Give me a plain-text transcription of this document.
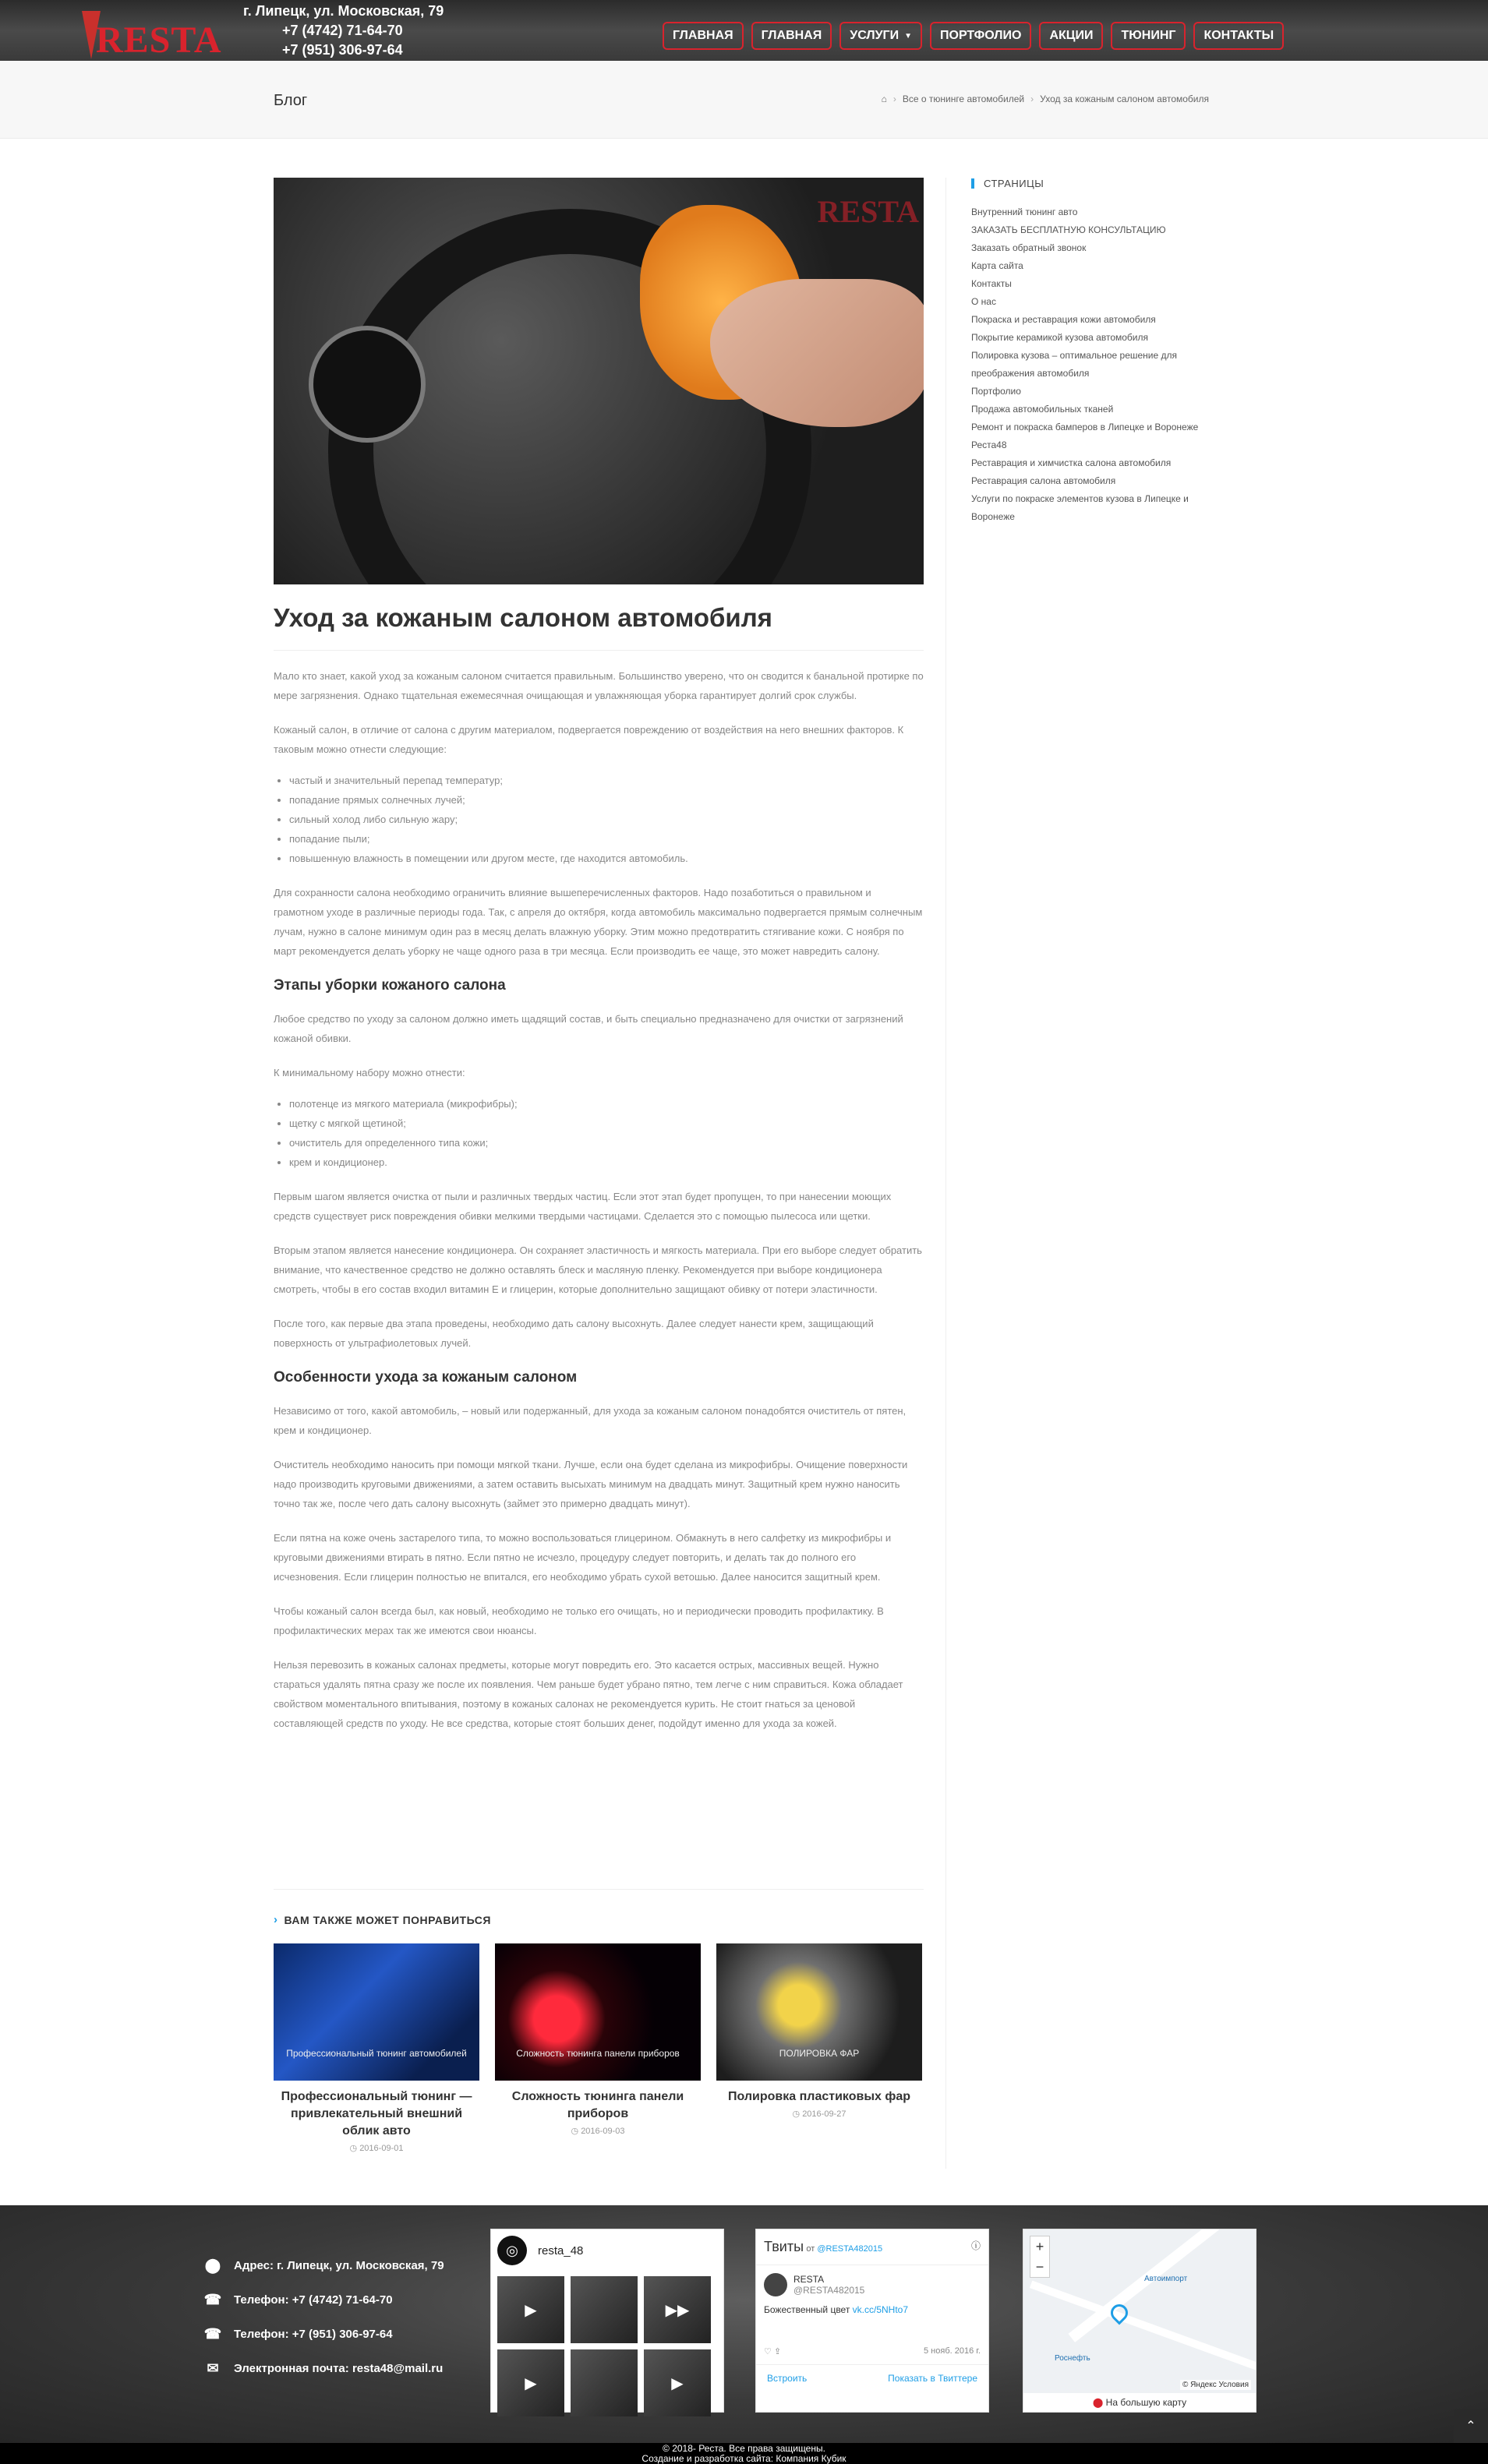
RESTA
г. Липецк, ул. Московская, 79
+7 (4742) 71-64-70
+7 (951) 306-97-64
ГЛАВНАЯ ГЛАВНАЯ УСЛУГИ ▼ ПОРТФОЛИО АКЦИИ ТЮНИНГ КОНТАКТЫ
Блог	⌂ › Все о тюнинге автомобилей › Уход за кожаным салоном автомобиля
RESTA
Уход за кожаным салоном автомобиля

Мало кто знает, какой уход за кожаным салоном считается правильным. Большинство уверено, что он сводится к банальной протирке по мере загрязнения. Однако тщательная ежемесячная очищающая и увлажняющая уборка гарантирует долгий срок службы.

Кожаный салон, в отличие от салона с другим материалом, подвергается повреждению от воздействия на него внешних факторов. К таковым можно отнести следующие:

• частый и значительный перепад температур;
• попадание прямых солнечных лучей;
• сильный холод либо сильную жару;
• попадание пыли;
• повышенную влажность в помещении или другом месте, где находится автомобиль.

Для сохранности салона необходимо ограничить влияние вышеперечисленных факторов. Надо позаботиться о правильном и грамотном уходе в различные периоды года. Так, с апреля до октября, когда автомобиль максимально подвергается прямым солнечным лучам, нужно в салоне минимум один раз в месяц делать влажную уборку. Этим можно предотвратить стягивание кожи. С ноября по март рекомендуется делать уборку не чаще одного раза в три месяца. Если производить ее чаще, это может навредить салону.

Этапы уборки кожаного салона

Любое средство по уходу за салоном должно иметь щадящий состав, и быть специально предназначено для очистки от загрязнений кожаной обивки.

К минимальному набору можно отнести:

• полотенце из мягкого материала (микрофибры);
• щетку с мягкой щетиной;
• очиститель для определенного типа кожи;
• крем и кондиционер.

Первым шагом является очистка от пыли и различных твердых частиц. Если этот этап будет пропущен, то при нанесении моющих средств существует риск повреждения обивки мелкими твердыми частицами. Сделается это с помощью пылесоса или щетки.

Вторым этапом является нанесение кондиционера. Он сохраняет эластичность и мягкость материала. При его выборе следует обратить внимание, что качественное средство не должно оставлять блеск и масляную пленку. Рекомендуется при выборе кондиционера смотреть, чтобы в его состав входил витамин Е и глицерин, которые дополнительно защищают обивку от потери эластичности.

После того, как первые два этапа проведены, необходимо дать салону высохнуть. Далее следует нанести крем, защищающий поверхность от ультрафиолетовых лучей.

Особенности ухода за кожаным салоном

Независимо от того, какой автомобиль, – новый или подержанный, для ухода за кожаным салоном понадобятся очиститель от пятен, крем и кондиционер.

Очиститель необходимо наносить при помощи мягкой ткани. Лучше, если она будет сделана из микрофибры. Очищение поверхности надо производить круговыми движениями, а затем оставить высыхать минимум на двадцать минут. Защитный крем нужно наносить точно так же, после чего дать салону высохнуть (займет это примерно двадцать минут).

Если пятна на коже очень застарелого типа, то можно воспользоваться глицерином. Обмакнуть в него салфетку из микрофибры и круговыми движениями втирать в пятно. Если пятно не исчезло, процедуру следует повторить, и делать так до полного его исчезновения. Если глицерин полностью не впитался, его необходимо убрать сухой ветошью. Далее наносится защитный крем.

Чтобы кожаный салон всегда был, как новый, необходимо не только его очищать, но и периодически проводить профилактику. В профилактических мерах так же имеются свои нюансы.

Нельзя перевозить в кожаных салонах предметы, которые могут повредить его. Это касается острых, массивных вещей. Нужно стараться удалять пятна сразу же после их появления. Чем раньше будет убрано пятно, тем легче с ним справиться. Кожа обладает свойством моментального впитывания, поэтому в кожаных салонах не рекомендуется курить. Не стоит гнаться за ценовой составляющей средств по уходу. Не все средства, которые стоят больших денег, подойдут именно для ухода за кожей.

› ВАМ ТАКЖЕ МОЖЕТ ПОНРАВИТЬСЯ
Профессиональный тюнинг автомобилей
Профессиональный тюнинг — привлекательный внешний облик авто
◷ 2016-09-01
Сложность тюнинга панели приборов
Сложность тюнинга панели приборов
◷ 2016-09-03
ПОЛИРОВКА ФАР
Полировка пластиковых фар
◷ 2016-09-27
СТРАНИЦЫ
Внутренний тюнинг авто
ЗАКАЗАТЬ БЕСПЛАТНУЮ КОНСУЛЬТАЦИЮ
Заказать обратный звонок
Карта сайта
Контакты
О нас
Покраска и реставрация кожи автомобиля
Покрытие керамикой кузова автомобиля
Полировка кузова – оптимальное решение для преображения автомобиля
Портфолио
Продажа автомобильных тканей
Ремонт и покраска бамперов в Липецке и Воронеже
Реста48
Реставрация и химчистка салона автомобиля
Реставрация салона автомобиля
Услуги по покраске элементов кузова в Липецке и Воронеже
⬤ Адрес: г. Липецк, ул. Московская, 79
☎ Телефон: +7 (4742) 71-64-70
☎ Телефон: +7 (951) 306-97-64
✉	Электронная почта: resta48@mail.ru
◎	resta_48
▶	▶▶
▶	▶
Твиты от @RESTA482015	ⓘ
RESTA
@RESTA482015
Божественный цвет vk.cc/5NHto7
♡ ⇪	5 нояб. 2016 г.
Встроить	Показать в Твиттере
+
−
Автоимпорт
Роснефть
© Яндекс Условия
⬤ На большую карту
⌃
© 2018- Реста. Все права защищены.
Создание и разработка сайта: Компания Кубик
